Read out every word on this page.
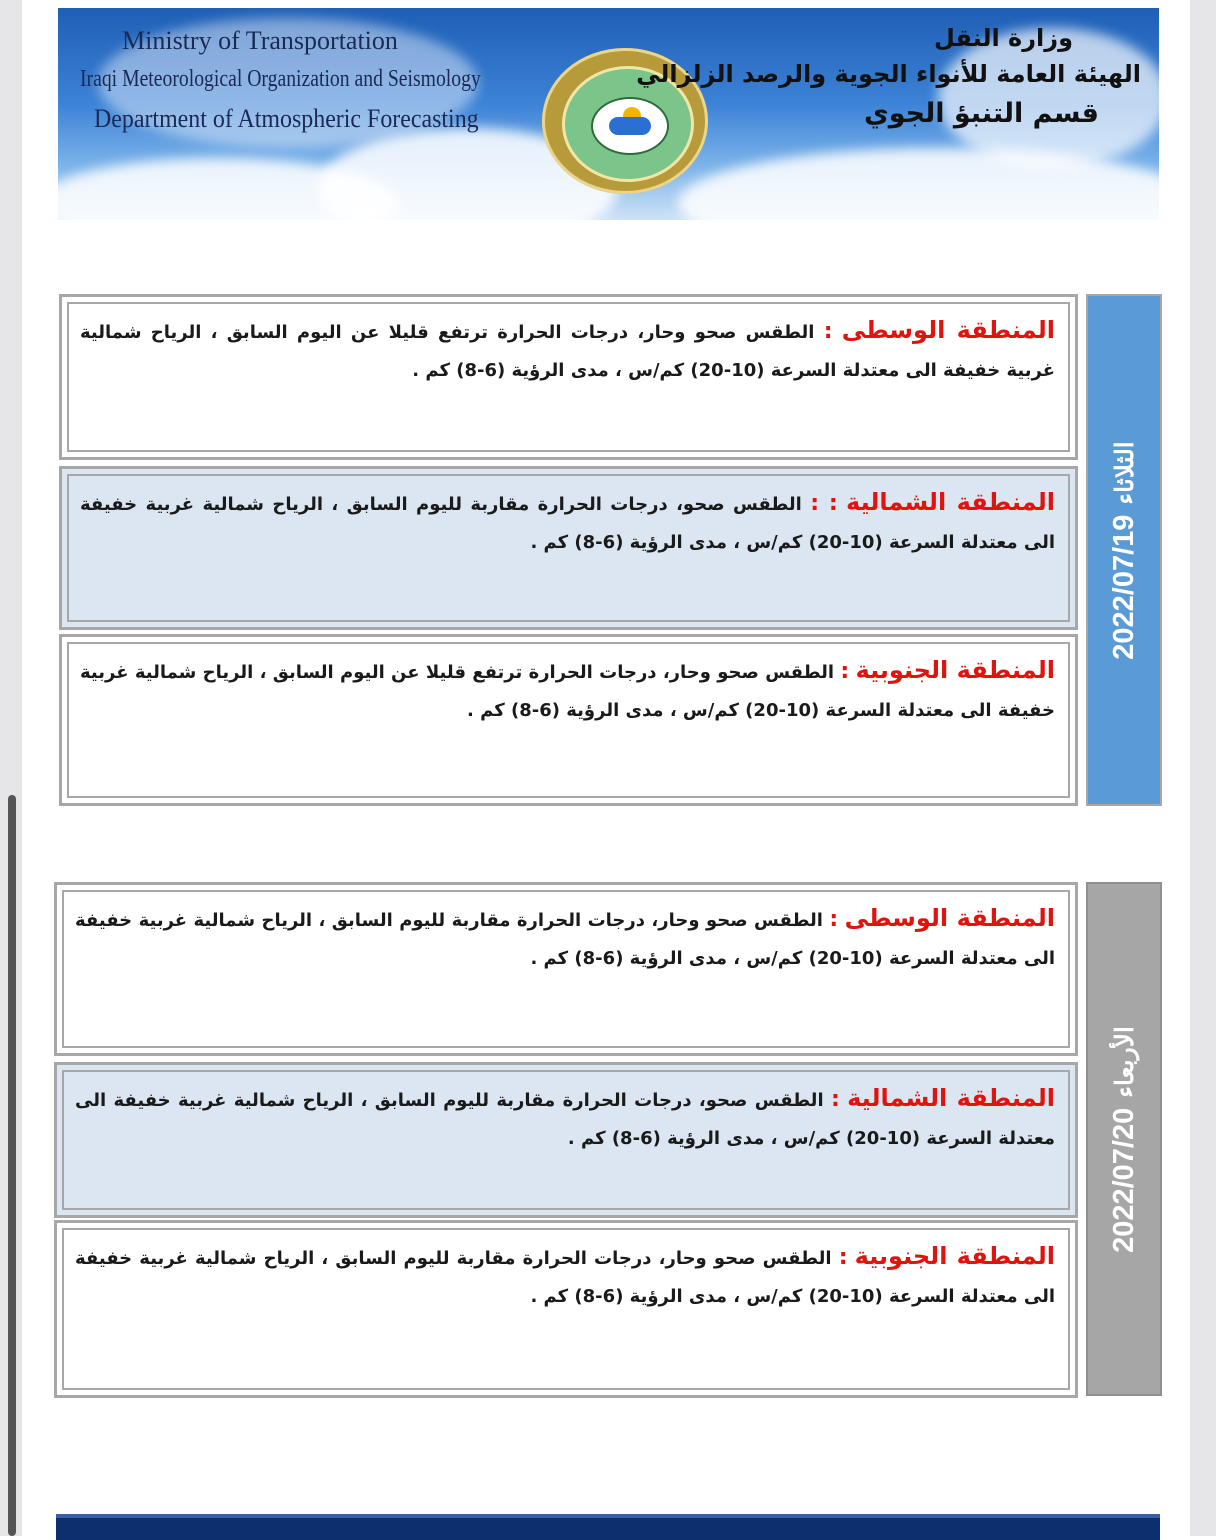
Ministry of Transportation
Iraqi Meteorological Organization and Seismology
Department of Atmospheric Forecasting
وزارة النقل
الهيئة العامة للأنواء الجوية والرصد الزلزالي
قسم التنبؤ الجوي
2022/07/19
الثلاثاء
المنطقة الوسطى : الطقس صحو وحار، درجات الحرارة ترتفع قليلا عن اليوم السابق ، الرياح شمالية غربية خفيفة الى معتدلة السرعة (10-20) كم/س ، مدى الرؤية (6-8) كم .
المنطقة الشمالية : : الطقس صحو، درجات الحرارة مقاربة لليوم السابق ، الرياح شمالية غربية خفيفة الى معتدلة السرعة (10-20) كم/س ، مدى الرؤية (6-8) كم .
المنطقة الجنوبية : الطقس صحو وحار، درجات الحرارة ترتفع قليلا عن اليوم السابق ، الرياح شمالية غربية خفيفة الى معتدلة السرعة (10-20) كم/س ، مدى الرؤية (6-8) كم .
2022/07/20
الأربعاء
المنطقة الوسطى : الطقس صحو وحار، درجات الحرارة مقاربة لليوم السابق ، الرياح شمالية غربية خفيفة الى معتدلة السرعة (10-20) كم/س ، مدى الرؤية (6-8) كم .
المنطقة الشمالية : الطقس صحو، درجات الحرارة مقاربة لليوم السابق ، الرياح شمالية غربية خفيفة الى معتدلة السرعة (10-20) كم/س ، مدى الرؤية (6-8) كم .
المنطقة الجنوبية : الطقس صحو وحار، درجات الحرارة مقاربة لليوم السابق ، الرياح شمالية غربية خفيفة الى معتدلة السرعة (10-20) كم/س ، مدى الرؤية (6-8) كم .
